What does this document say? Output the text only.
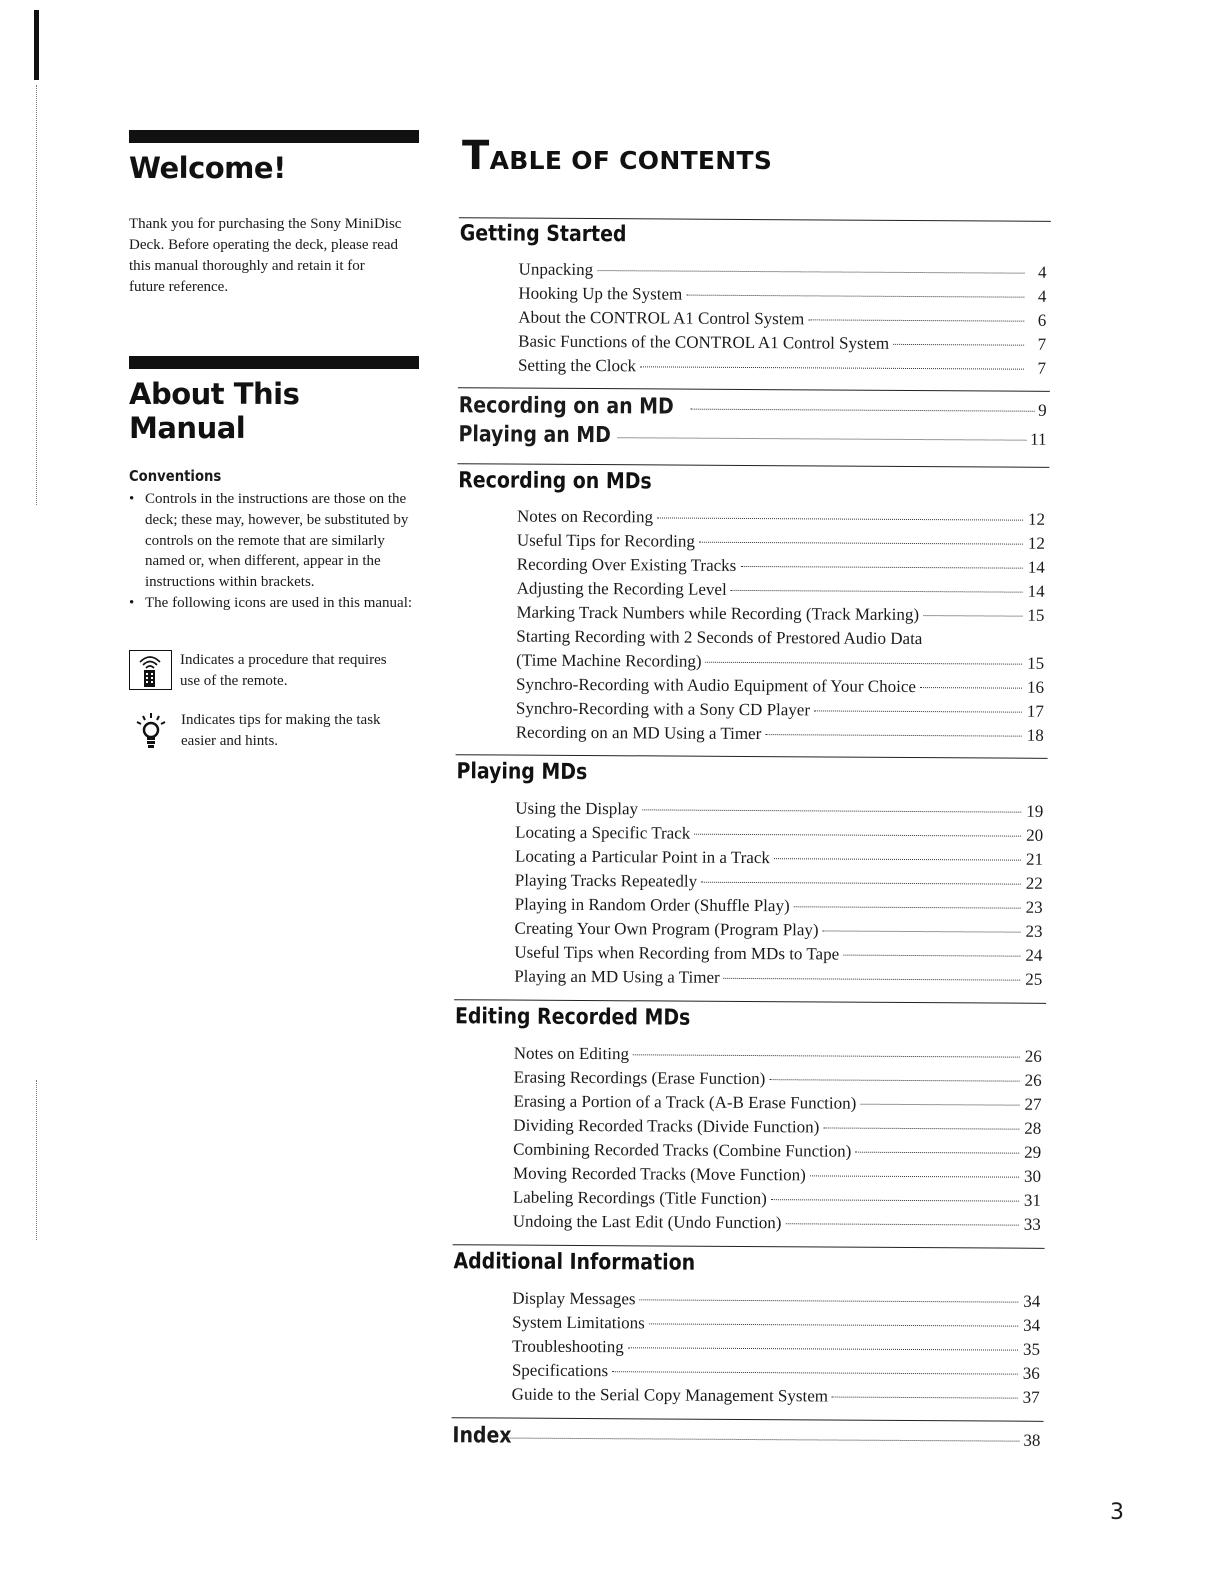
Welcome!

Thank you for purchasing the Sony MiniDisc Deck. Before operating the deck, please read this manual thoroughly and retain it for future reference.

About This Manual
Conventions
• Controls in the instructions are those on the deck; these may, however, be substituted by controls on the remote that are similarly named or, when different, appear in the instructions within brackets.
• The following icons are used in this manual:
Indicates a procedure that requires use of the remote.
Indicates tips for making the task easier and hints.
TABLE OF CONTENTS
Getting Started
Unpacking	4
Hooking Up the System	4
About the CONTROL A1 Control System	6
Basic Functions of the CONTROL A1 Control System	7
Setting the Clock	7
Recording on an MD	9
Playing an MD	11
Recording on MDs
Notes on Recording	12
Useful Tips for Recording	12
Recording Over Existing Tracks	14
Adjusting the Recording Level	14
Marking Track Numbers while Recording (Track Marking)	15
Starting Recording with 2 Seconds of Prestored Audio Data
(Time Machine Recording)	15
Synchro-Recording with Audio Equipment of Your Choice	16
Synchro-Recording with a Sony CD Player	17
Recording on an MD Using a Timer	18
Playing MDs
Using the Display	19
Locating a Specific Track	20
Locating a Particular Point in a Track	21
Playing Tracks Repeatedly	22
Playing in Random Order (Shuffle Play)	23
Creating Your Own Program (Program Play)	23
Useful Tips when Recording from MDs to Tape	24
Playing an MD Using a Timer	25
Editing Recorded MDs
Notes on Editing	26
Erasing Recordings (Erase Function)	26
Erasing a Portion of a Track (A-B Erase Function)	27
Dividing Recorded Tracks (Divide Function)	28
Combining Recorded Tracks (Combine Function)	29
Moving Recorded Tracks (Move Function)	30
Labeling Recordings (Title Function)	31
Undoing the Last Edit (Undo Function)	33
Additional Information
Display Messages	34
System Limitations	34
Troubleshooting	35
Specifications	36
Guide to the Serial Copy Management System	37
Index	38

3
